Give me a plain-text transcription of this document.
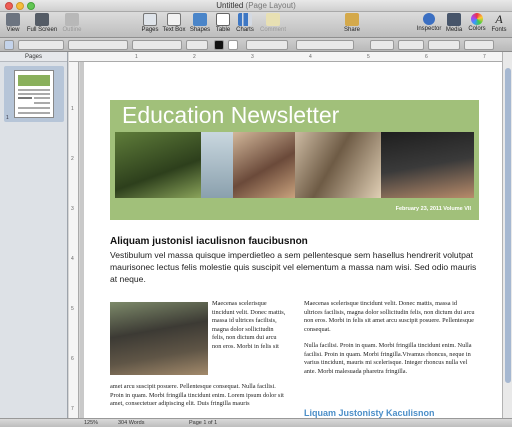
Untitled (Page Layout)
View	Full Screen Outline	Pages Text Box Shapes Table Charts	Comment	Share	Inspector Media	Colors
A
Fonts
Pages
1
1	2	3	4	5	6	7
1
2
3
4
5
6
7
Education Newsletter
February 23, 2011 Volume VII
Aliquam justonisl iaculisnon faucibusnon
Vestibulum vel massa quisque imperdietleo a sem pellentesque sem hasellus hendrerit volutpat maurisonec lectus felis molestie quis suscipit vel elementum a massa nam wisi. Sed odio mauris at neque.
Maecenas scelerisque tincidunt velit. Donec mattis, massa id ultrices facilisis, magna dolor sollicitudin felis, non dictum dui arcu non eros. Morbi in felis sit
amet arcu suscipit posuere. Pellentesque consequat. Nulla facilisi. Proin in quam. Morbi fringilla tincidunt enim. Lorem ipsum dolor sit amet, consectetuer adipiscing elit. Duis fringilla mauris

Maecenas scelerisque tincidunt velit. Donec mattis, massa id ultrices facilisis, magna dolor sollicitudin felis, non dictum dui arcu non eros. Morbi in felis sit amet arcu suscipit posuere. Pellentesque consequat.

Nulla facilisi. Proin in quam. Morbi fringilla tincidunt enim. Nulla facilisi. Proin in quam. Morbi fringilla.Vivamus rhoncus, neque in varius tincidunt, mauris mi scelerisque. Integer rhoncus nulla vel ante. Morbi malesuada pharetra fringilla.

Liquam Justonisty Kaculisnon
125%	304 Words	Page 1 of 1
